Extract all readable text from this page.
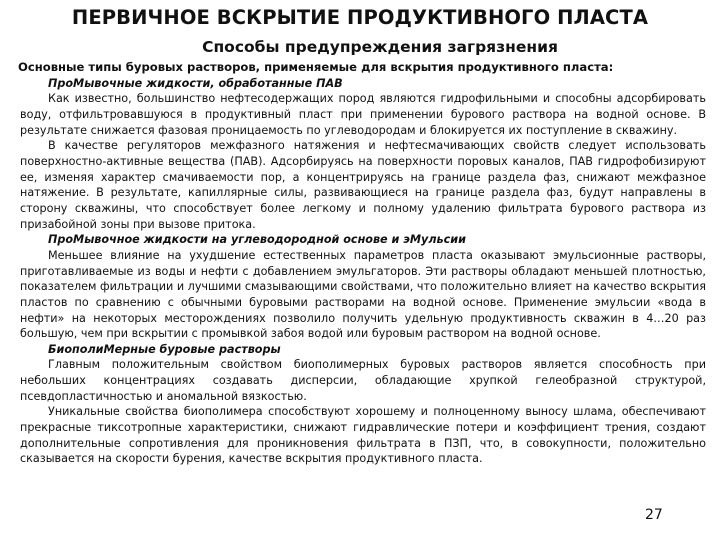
ПЕРВИЧНОЕ ВСКРЫТИЕ ПРОДУКТИВНОГО ПЛАСТА
Способы предупреждения загрязнения
Основные типы буровых растворов, применяемые для вскрытия продуктивного пласта:
ПроМывочные жидкости, обработанные ПАВ

Как известно, большинство нефтесодержащих пород являются гидрофильными и способны адсорбировать воду, отфильтровавшуюся в продуктивный пласт при применении бурового раствора на водной основе. В результате снижается фазовая проницаемость по углеводородам и блокируется их поступление в скважину.

В качестве регуляторов межфазного натяжения и нефтесмачивающих свойств следует использовать поверхностно-активные вещества (ПАВ). Адсорбируясь на поверхности поровых каналов, ПАВ гидрофобизируют ее, изменяя характер смачиваемости пор, а концентрируясь на границе раздела фаз, снижают межфазное натяжение. В результате, капиллярные силы, развивающиеся на границе раздела фаз, будут направлены в сторону скважины, что способствует более легкому и полному удалению фильтрата бурового раствора из призабойной зоны при вызове притока.

ПроМывочное жидкости на углеводородной основе и эМульсии

Меньшее влияние на ухудшение естественных параметров пласта оказывают эмульсионные растворы, приготавливаемые из воды и нефти с добавлением эмульгаторов. Эти растворы обладают меньшей плотностью, показателем фильтрации и лучшими смазывающими свойствами, что положительно влияет на качество вскрытия пластов по сравнению с обычными буровыми растворами на водной основе. Применение эмульсии «вода в нефти» на некоторых месторождениях позволило получить удельную продуктивность скважин в 4…20 раз большую, чем при вскрытии с промывкой забоя водой или буровым раствором на водной основе.

БиополиМерные буровые растворы

Главным положительным свойством биополимерных буровых растворов является способность при небольших концентрациях создавать дисперсии, обладающие хрупкой гелеобразной структурой, псевдопластичностью и аномальной вязкостью.

Уникальные свойства биополимера способствуют хорошему и полноценному выносу шлама, обеспечивают прекрасные тиксотропные характеристики, снижают гидравлические потери и коэффициент трения, создают дополнительные сопротивления для проникновения фильтрата в ПЗП, что, в совокупности, положительно сказывается на скорости бурения, качестве вскрытия продуктивного пласта.

27
